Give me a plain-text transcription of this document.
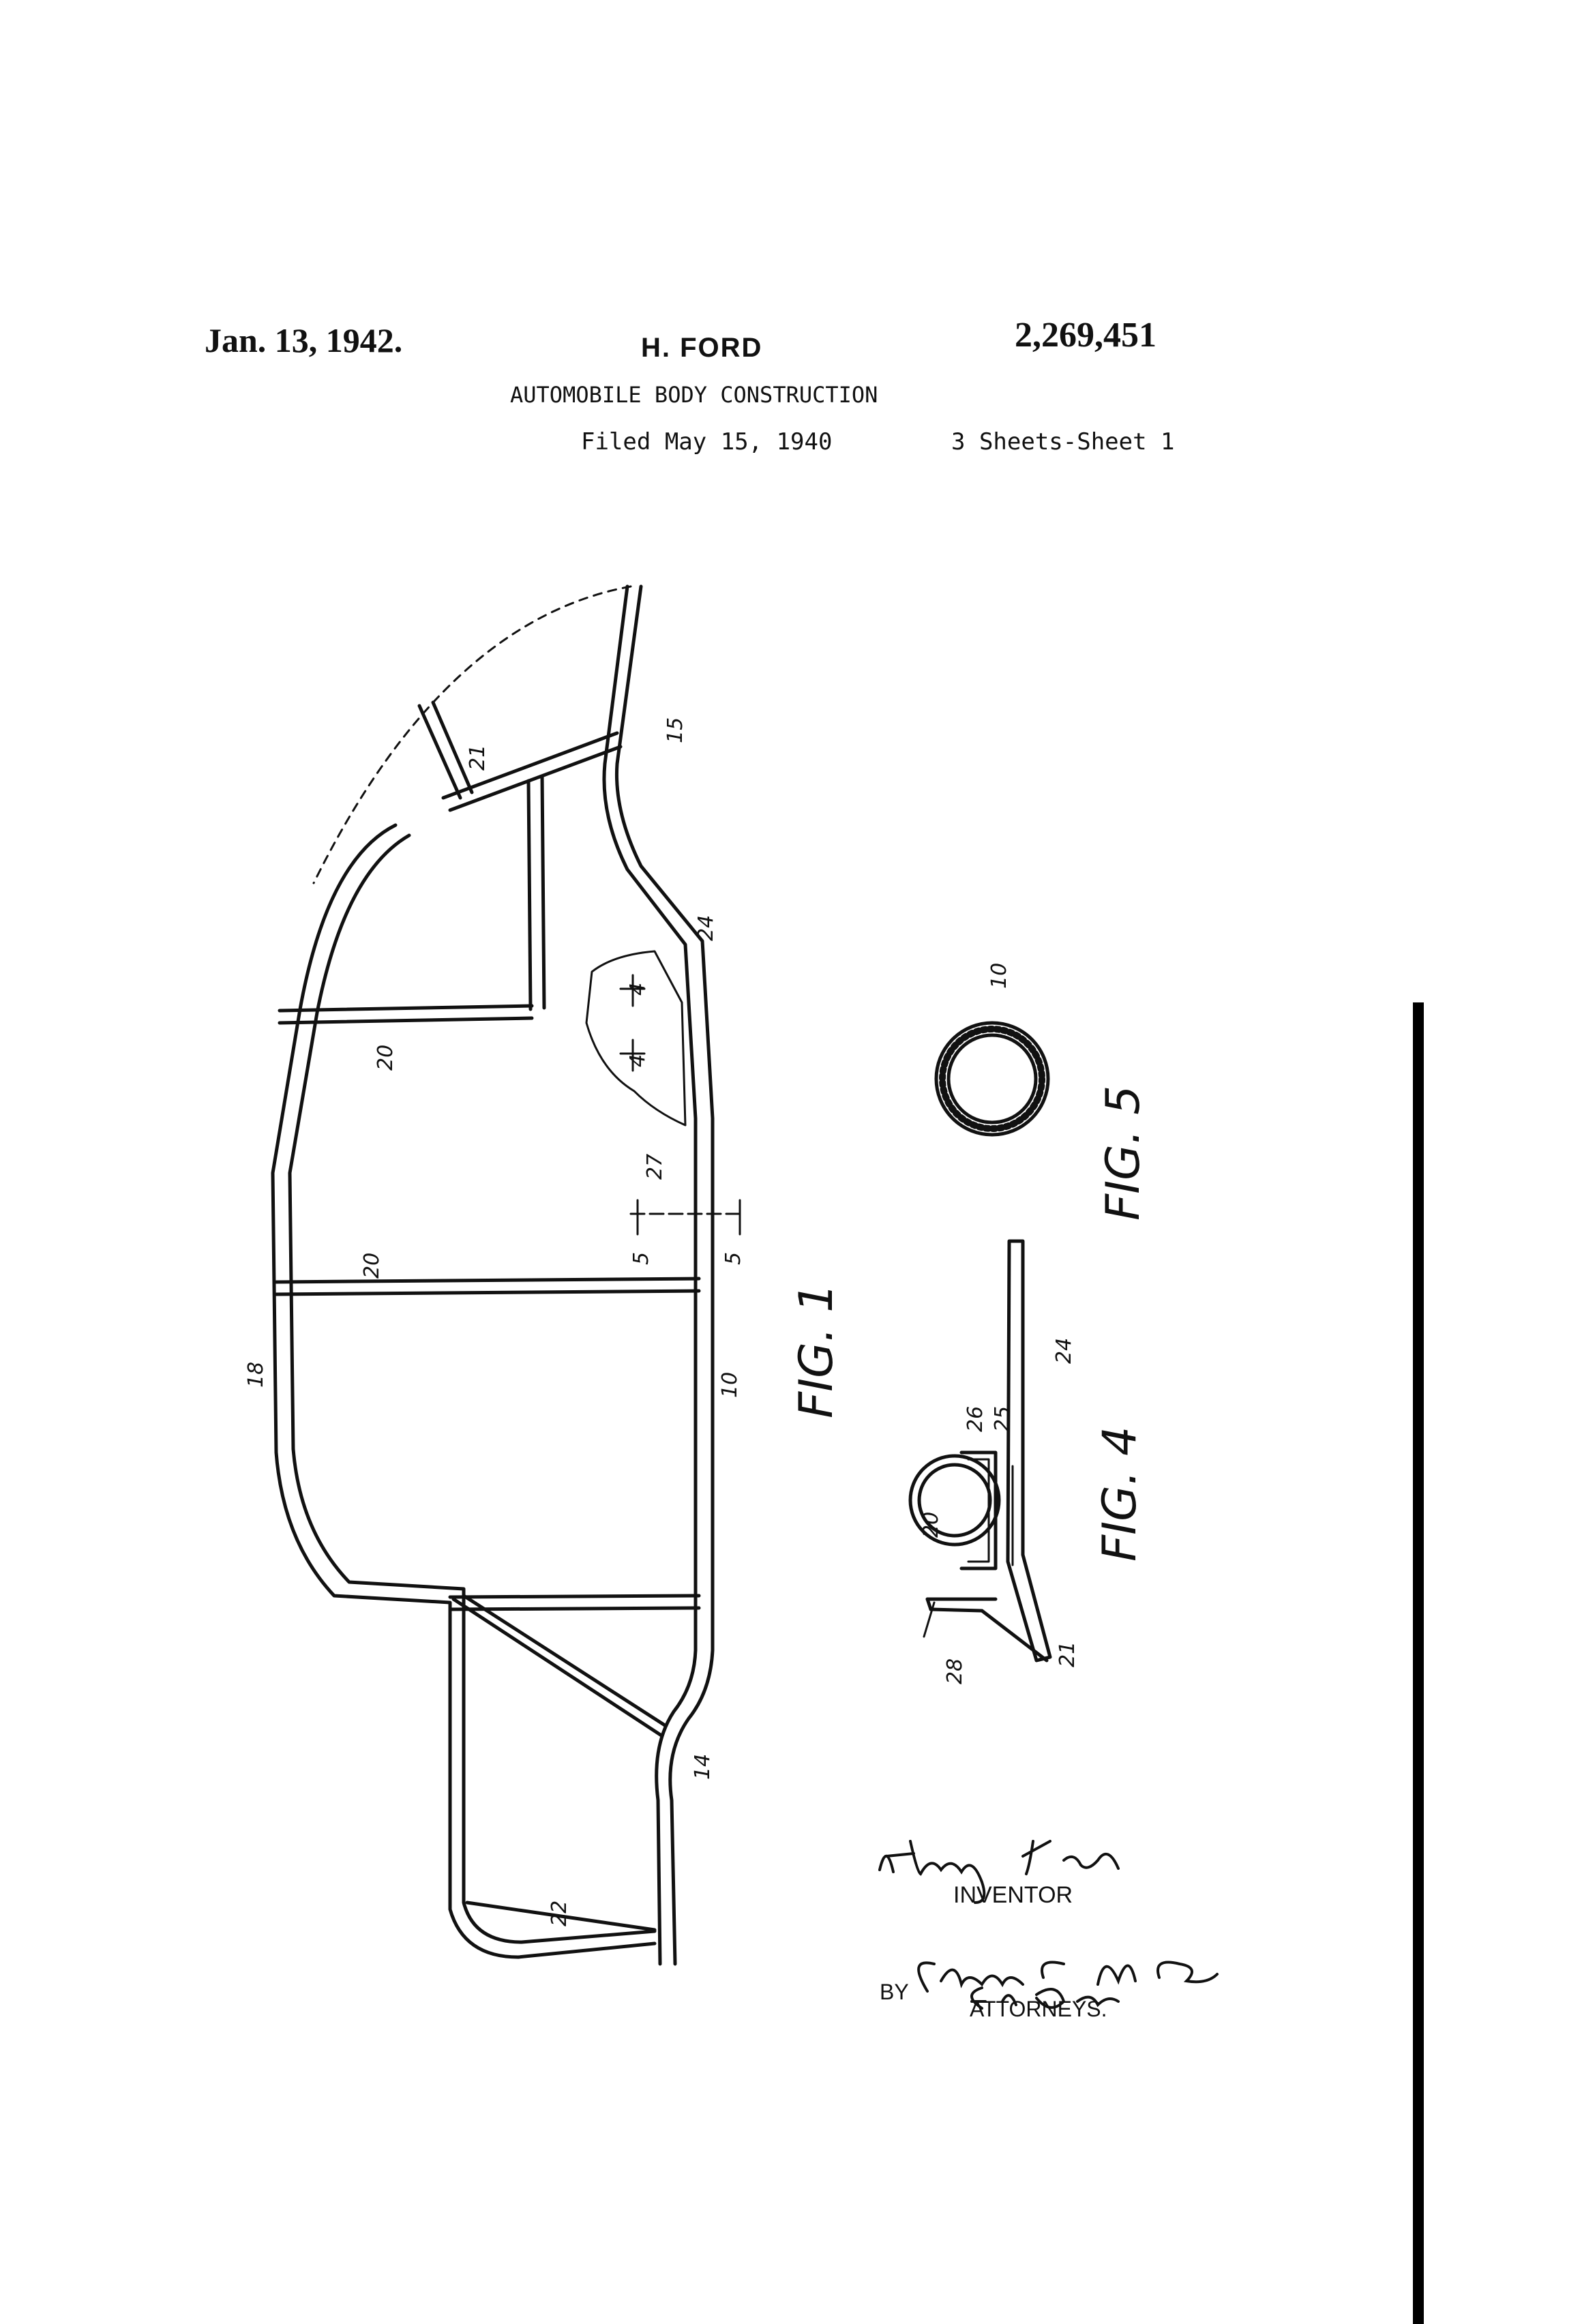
Jan. 13, 1942.	H. FORD	2,269,451
AUTOMOBILE BODY CONSTRUCTION
Filed May 15, 1940	3 Sheets-Sheet 1
FIG. 5
FIG. 1
FIG. 4
21
15
24
4
4
20
27
5	5
20
18	10
14
22
10
26 25
24
20
28
21
INVENTOR
BY
ATTORNEYS.
